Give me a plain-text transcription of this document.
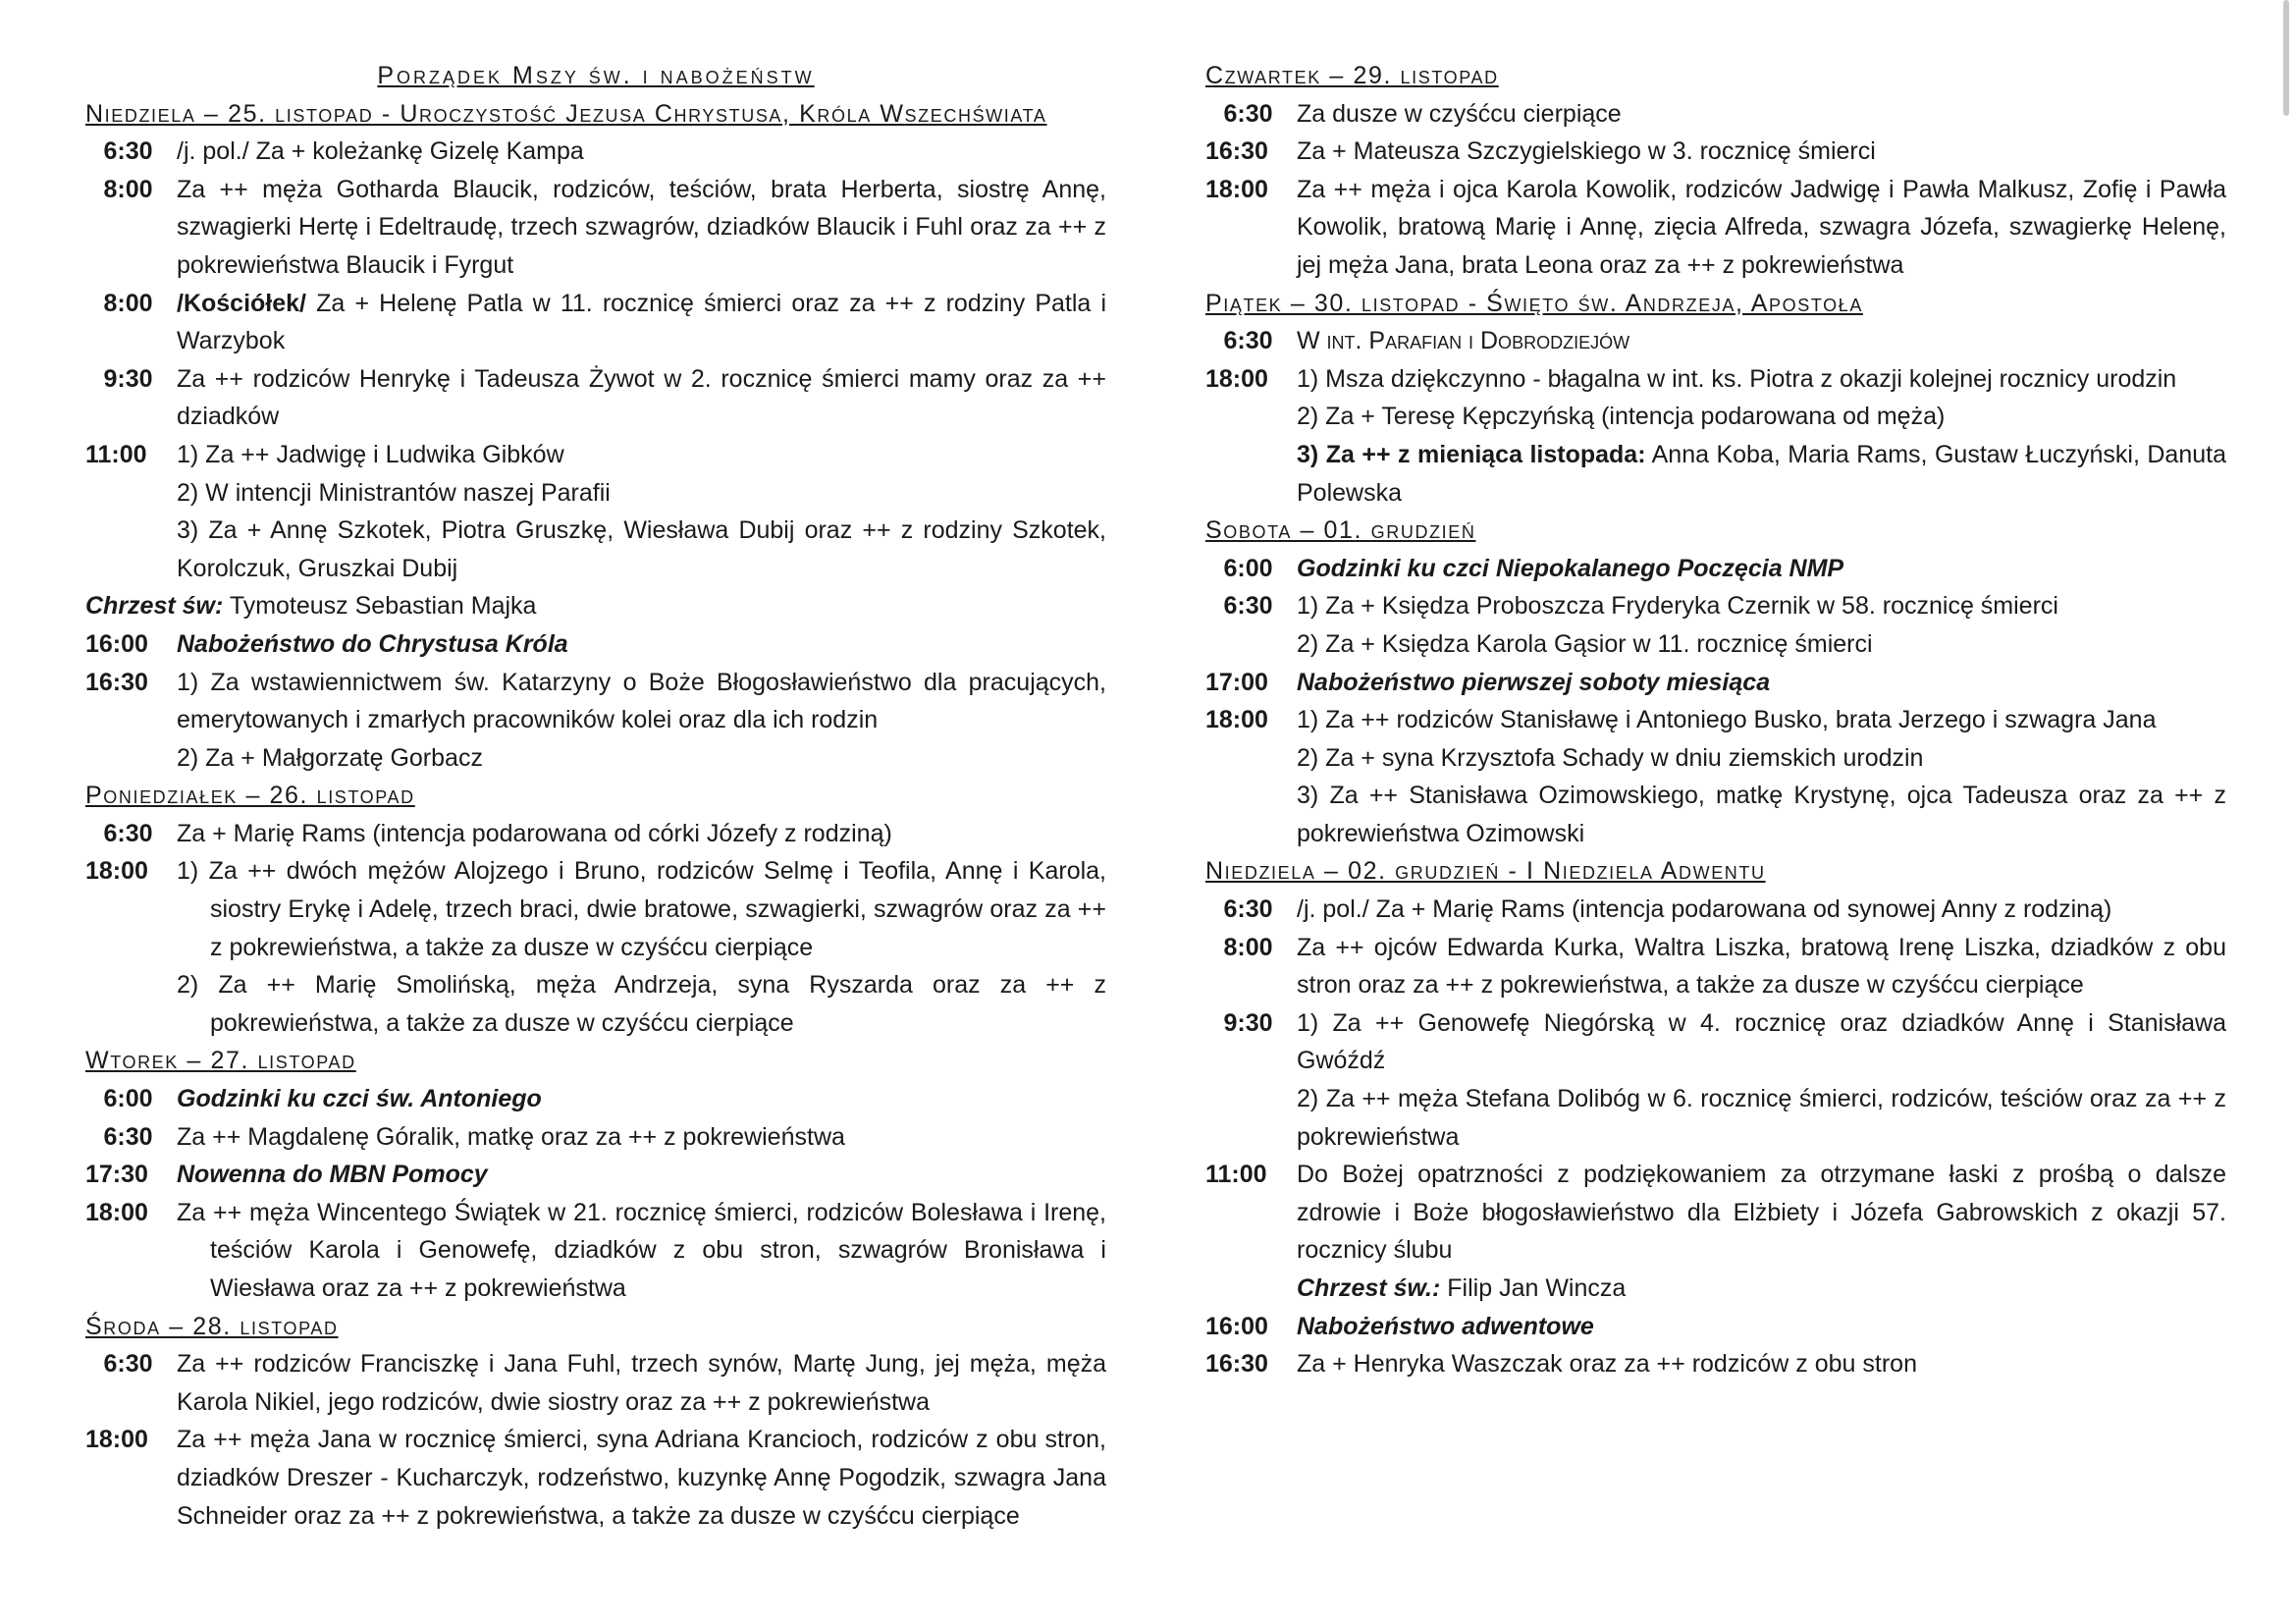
Porządek Mszy św. i nabożeństw
Niedziela – 25. listopad - Uroczystość Jezusa Chrystusa, Króla Wszechświata
6:30 /j. pol./ Za + koleżankę Gizelę Kampa
8:00 Za ++ męża Gotharda Blaucik, rodziców, teściów, brata Herberta, siostrę Annę, szwagierki Hertę i Edeltraudę, trzech szwagrów, dziadków Blaucik i Fuhl oraz za ++ z pokrewieństwa Blaucik i Fyrgut
8:00 /Kościółek/ Za + Helenę Patla w 11. rocznicę śmierci oraz za ++ z rodziny Patla i Warzybok
9:30 Za ++ rodziców Henrykę i Tadeusza Żywot w 2. rocznicę śmierci mamy oraz za ++ dziadków
11:00	1) Za ++ Jadwigę i Ludwika Gibków
2) W intencji Ministrantów naszej Parafii
3) Za + Annę Szkotek, Piotra Gruszkę, Wiesława Dubij oraz ++ z rodziny Szkotek, Korolczuk, Gruszkai Dubij
Chrzest św: Tymoteusz Sebastian Majka
16:00	Nabożeństwo do Chrystusa Króla
16:30	1) Za wstawiennictwem św. Katarzyny o Boże Błogosławieństwo dla pracujących, emerytowanych i zmarłych pracowników kolei oraz dla ich rodzin
2) Za + Małgorzatę Gorbacz
Poniedziałek – 26. listopad
6:30 Za + Marię Rams (intencja podarowana od córki Józefy z rodziną)
18:00	1) Za ++ dwóch mężów Alojzego i Bruno, rodziców Selmę i Teofila, Annę i Karola, siostry Erykę i Adelę, trzech braci, dwie bratowe, szwagierki, szwagrów oraz za ++ z pokrewieństwa, a także za dusze w czyśćcu cierpiące
2) Za ++ Marię Smolińską, męża Andrzeja, syna Ryszarda oraz za ++ z pokrewieństwa, a także za dusze w czyśćcu cierpiące
Wtorek – 27. listopad
6:00 Godzinki ku czci św. Antoniego
6:30 Za ++ Magdalenę Góralik, matkę oraz za ++ z pokrewieństwa
17:30	Nowenna do MBN Pomocy
18:00	Za ++ męża Wincentego Świątek w 21. rocznicę śmierci, rodziców Bolesława i Irenę, teściów Karola i Genowefę, dziadków z obu stron, szwagrów Bronisława i Wiesława oraz za ++ z pokrewieństwa
Środa – 28. listopad
6:30 Za ++ rodziców Franciszkę i Jana Fuhl, trzech synów, Martę Jung, jej męża, męża Karola Nikiel, jego rodziców, dwie siostry oraz za ++ z pokrewieństwa
18:00	Za ++ męża Jana w rocznicę śmierci, syna Adriana Krancioch, rodziców z obu stron, dziadków Dreszer - Kucharczyk, rodzeństwo, kuzynkę Annę Pogodzik, szwagra Jana Schneider oraz za ++ z pokrewieństwa, a także za dusze w czyśćcu cierpiące
Czwartek – 29. listopad
6:30 Za dusze w czyśćcu cierpiące
16:30	Za + Mateusza Szczygielskiego w 3. rocznicę śmierci
18:00	Za ++ męża i ojca Karola Kowolik, rodziców Jadwigę i Pawła Malkusz, Zofię i Pawła Kowolik, bratową Marię i Annę, zięcia Alfreda, szwagra Józefa, szwagierkę Helenę, jej męża Jana, brata Leona oraz za ++ z pokrewieństwa
Piątek – 30. listopad - Święto św. Andrzeja, Apostoła
6:30 W int. Parafian i Dobrodziejów
18:00	1) Msza dziękczynno - błagalna w int. ks. Piotra z okazji kolejnej rocznicy urodzin
2) Za + Teresę Kępczyńską (intencja podarowana od męża)
3) Za ++ z mieniąca listopada: Anna Koba, Maria Rams, Gustaw Łuczyński, Danuta Polewska
Sobota – 01. grudzień
6:00 Godzinki ku czci Niepokalanego Poczęcia NMP
6:30 1) Za + Księdza Proboszcza Fryderyka Czernik w 58. rocznicę śmierci
2) Za + Księdza Karola Gąsior w 11. rocznicę śmierci
17:00	Nabożeństwo pierwszej soboty miesiąca
18:00	1) Za ++ rodziców Stanisławę i Antoniego Busko, brata Jerzego i szwagra Jana
2) Za + syna Krzysztofa Schady w dniu ziemskich urodzin
3) Za ++ Stanisława Ozimowskiego, matkę Krystynę, ojca Tadeusza oraz za ++ z pokrewieństwa Ozimowski
Niedziela – 02. grudzień - I Niedziela Adwentu
6:30 /j. pol./ Za + Marię Rams (intencja podarowana od synowej Anny z rodziną)
8:00 Za ++ ojców Edwarda Kurka, Waltra Liszka, bratową Irenę Liszka, dziadków z obu stron oraz za ++ z pokrewieństwa, a także za dusze w czyśćcu cierpiące
9:30 1) Za ++ Genowefę Niegórską w 4. rocznicę oraz dziadków Annę i Stanisława Gwóźdź
2) Za ++ męża Stefana Dolibóg w 6. rocznicę śmierci, rodziców, teściów oraz za ++ z pokrewieństwa
11:00	Do Bożej opatrzności z podziękowaniem za otrzymane łaski z prośbą o dalsze zdrowie i Boże błogosławieństwo dla Elżbiety i Józefa Gabrowskich z okazji 57. rocznicy ślubu
Chrzest św.: Filip Jan Wincza
16:00	Nabożeństwo adwentowe
16:30	Za + Henryka Waszczak oraz za ++ rodziców z obu stron
